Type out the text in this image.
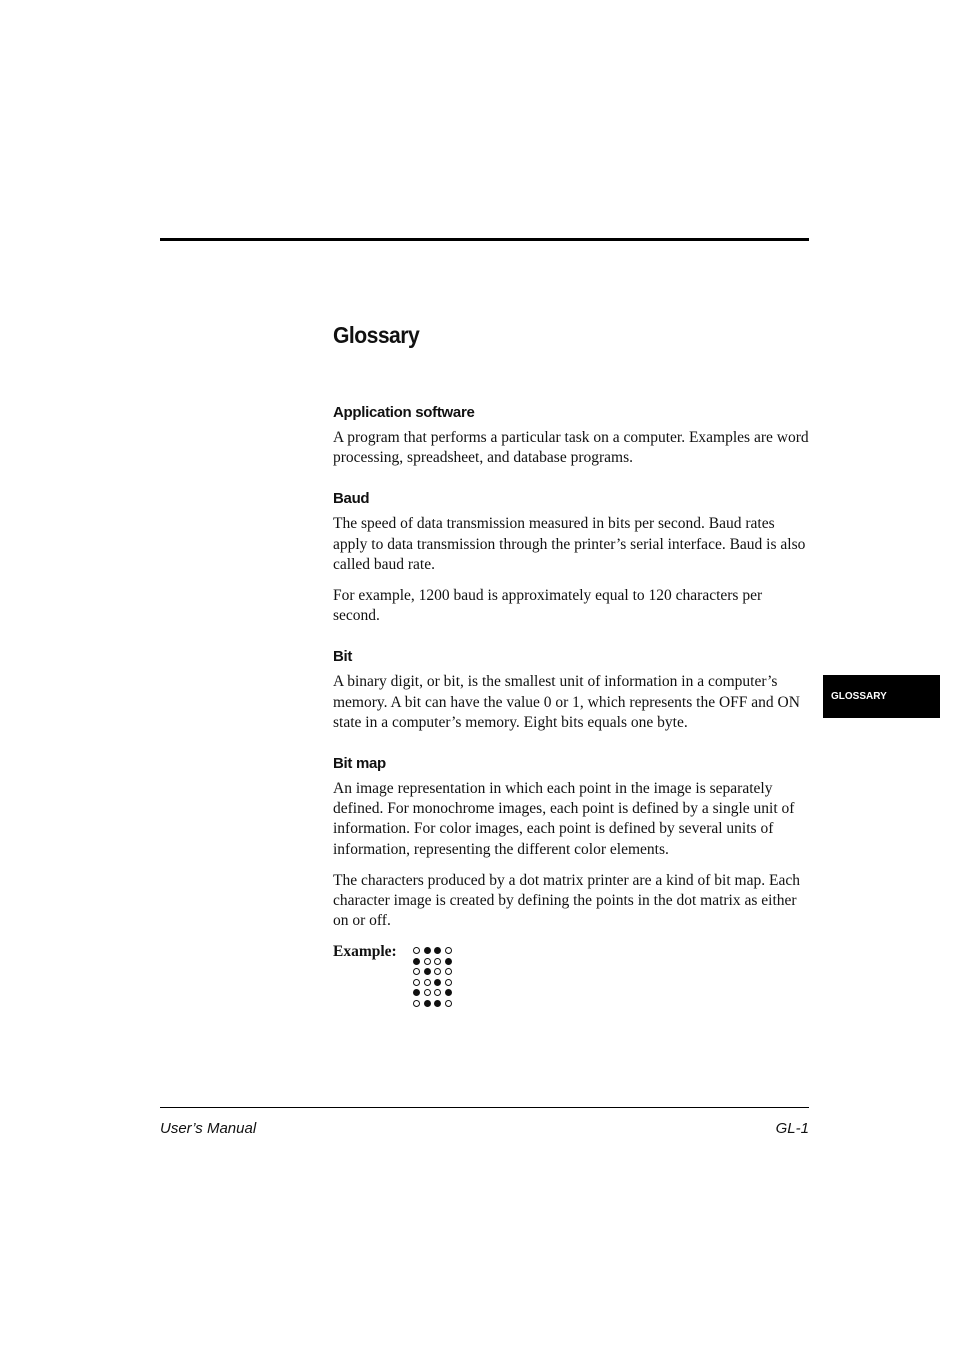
Glossary
Application software

A program that performs a particular task on a computer. Examples are word processing, spreadsheet, and database programs.

Baud

The speed of data transmission measured in bits per second. Baud rates apply to data transmission through the printer’s serial interface. Baud is also called baud rate.

For example, 1200 baud is approximately equal to 120 characters per second.

Bit

A binary digit, or bit, is the smallest unit of information in a computer’s memory. A bit can have the value 0 or 1, which represents the OFF and ON state in a computer’s memory. Eight bits equals one byte.

Bit map

An image representation in which each point in the image is separately defined. For monochrome images, each point is defined by a single unit of information. For color images, each point is defined by several units of information, representing the different color elements.

The characters produced by a dot matrix printer are a kind of bit map. Each character image is created by defining the points in the dot matrix as either on or off.

Example:
GLOSSARY
User’s Manual	GL-1
